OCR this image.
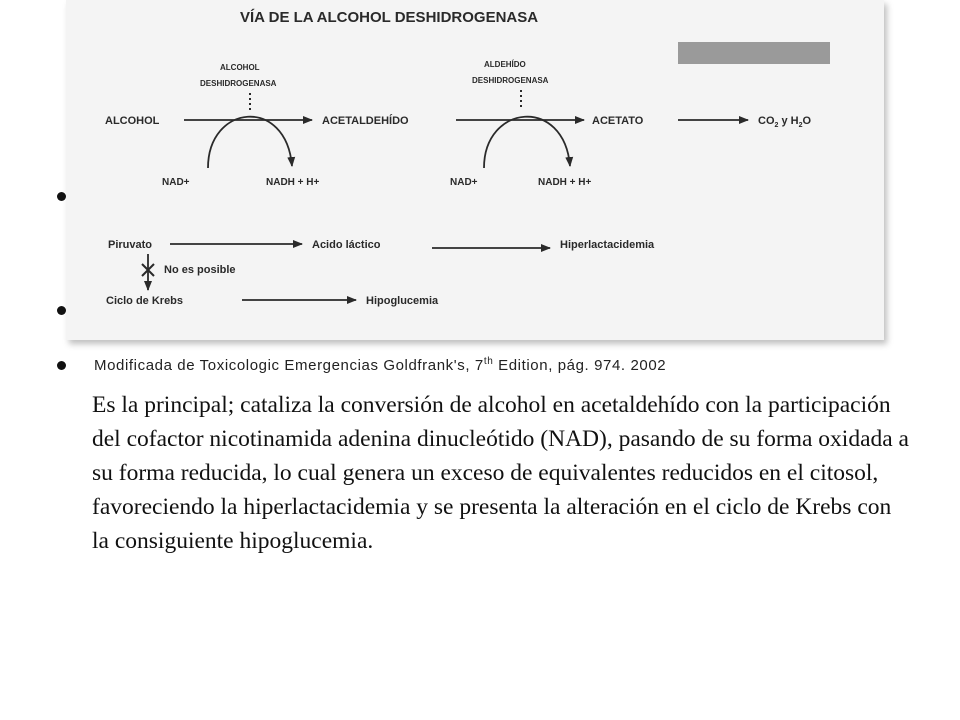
VÍA DE LA ALCOHOL DESHIDROGENASA
ALCOHOL
DESHIDROGENASA
ALDEHÍDO
DESHIDROGENASA
ALCOHOL	ACETALDEHÍDO	ACETATO	$CO_2$ y $H_2O$
NAD+	NADH + H+	NAD+	NADH + H+
Piruvato	Acido láctico	Hiperlactacidemia
No es posible
Ciclo de Krebs	Hipoglucemia
Modificada de Toxicologic Emergencias Goldfrank's, 7th Edition, pág. 974. 2002

Es la principal; cataliza la conversión de alcohol en acetaldehído con la participación del cofactor nicotinamida adenina dinucleótido (NAD), pasando de su forma oxidada a su forma reducida, lo cual genera un exceso de equivalentes reducidos en el citosol, favoreciendo la hiperlactacidemia y se presenta la alteración en el ciclo de Krebs con la consiguiente hipoglucemia.
